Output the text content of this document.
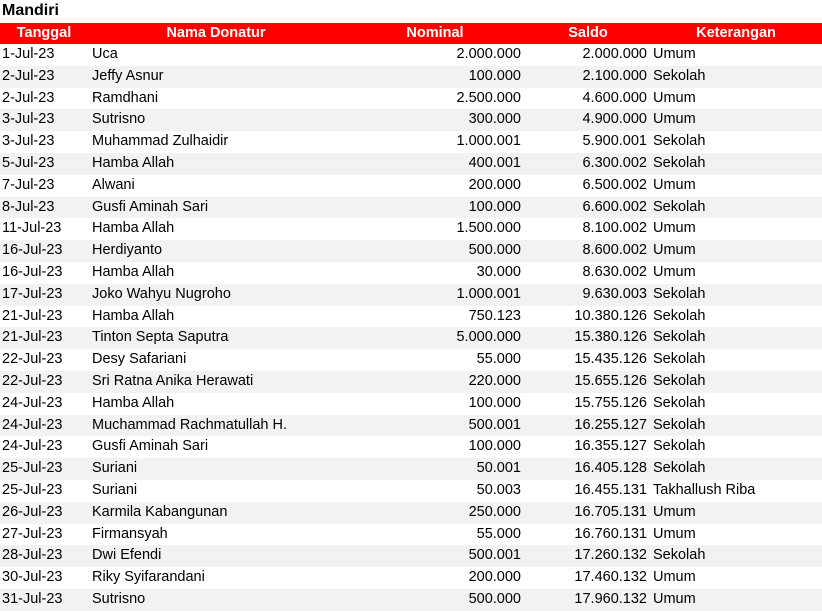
Mandiri
Tanggal	Nama Donatur	Nominal	Saldo	Keterangan
1-Jul-23	Uca	2.000.000	2.000.000	Umum
2-Jul-23	Jeffy Asnur	100.000	2.100.000	Sekolah
2-Jul-23	Ramdhani	2.500.000	4.600.000	Umum
3-Jul-23	Sutrisno	300.000	4.900.000	Umum
3-Jul-23	Muhammad Zulhaidir	1.000.001	5.900.001	Sekolah
5-Jul-23	Hamba Allah	400.001	6.300.002	Sekolah
7-Jul-23	Alwani	200.000	6.500.002	Umum
8-Jul-23	Gusfi Aminah Sari	100.000	6.600.002	Sekolah
11-Jul-23	Hamba Allah	1.500.000	8.100.002	Umum
16-Jul-23	Herdiyanto	500.000	8.600.002	Umum
16-Jul-23	Hamba Allah	30.000	8.630.002	Umum
17-Jul-23	Joko Wahyu Nugroho	1.000.001	9.630.003	Sekolah
21-Jul-23	Hamba Allah	750.123	10.380.126	Sekolah
21-Jul-23	Tinton Septa Saputra	5.000.000	15.380.126	Sekolah
22-Jul-23	Desy Safariani	55.000	15.435.126	Sekolah
22-Jul-23	Sri Ratna Anika Herawati	220.000	15.655.126	Sekolah
24-Jul-23	Hamba Allah	100.000	15.755.126	Sekolah
24-Jul-23	Muchammad Rachmatullah H.	500.001	16.255.127	Sekolah
24-Jul-23	Gusfi Aminah Sari	100.000	16.355.127	Sekolah
25-Jul-23	Suriani	50.001	16.405.128	Sekolah
25-Jul-23	Suriani	50.003	16.455.131	Takhallush Riba
26-Jul-23	Karmila Kabangunan	250.000	16.705.131	Umum
27-Jul-23	Firmansyah	55.000	16.760.131	Umum
28-Jul-23	Dwi Efendi	500.001	17.260.132	Sekolah
30-Jul-23	Riky Syifarandani	200.000	17.460.132	Umum
31-Jul-23	Sutrisno	500.000	17.960.132	Umum
